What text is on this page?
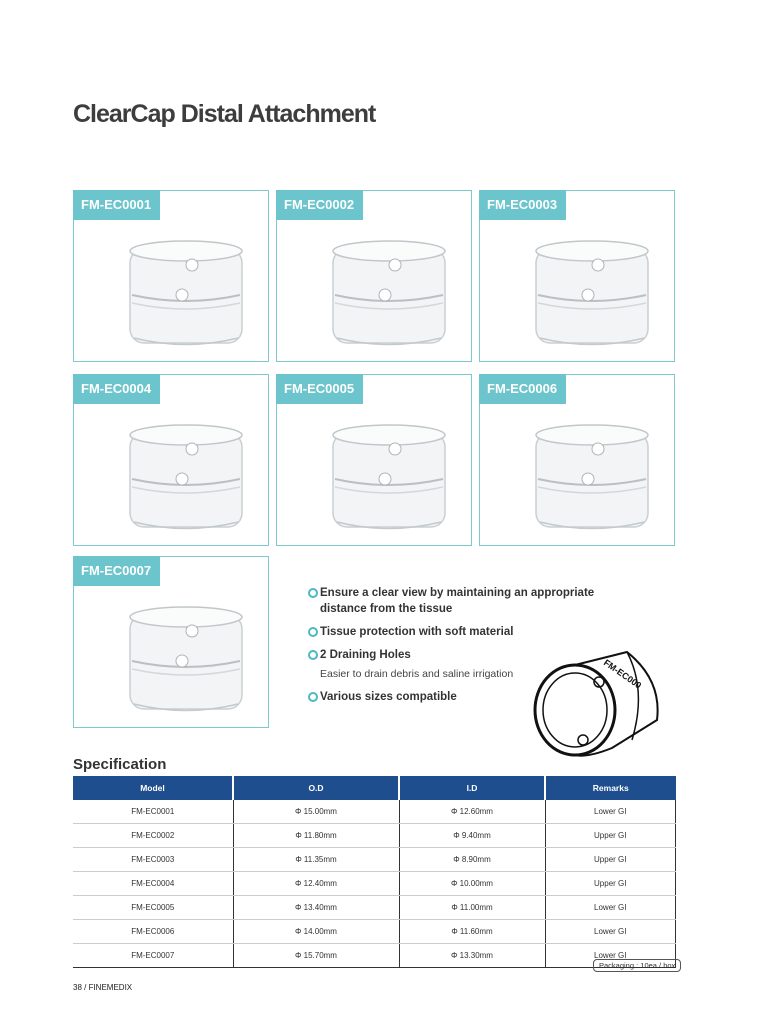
ClearCap Distal Attachment
FM-EC0001	FM-EC0002	FM-EC0003
FM-EC0004	FM-EC0005	FM-EC0006
FM-EC0007
Ensure a clear view by maintaining an appropriate distance from the tissue
Tissue protection with soft material
2 Draining Holes
Easier to drain debris and saline irrigation
Various sizes compatible
FM-EC000
Specification
Model	O.D	I.D	Remarks
FM-EC0001	Φ 15.00mm	Φ 12.60mm	Lower GI
FM-EC0002	Φ 11.80mm	Φ 9.40mm	Upper GI
FM-EC0003	Φ 11.35mm	Φ 8.90mm	Upper GI
FM-EC0004	Φ 12.40mm	Φ 10.00mm	Upper GI
FM-EC0005	Φ 13.40mm	Φ 11.00mm	Lower GI
FM-EC0006	Φ 14.00mm	Φ 11.60mm	Lower GI
FM-EC0007	Φ 15.70mm	Φ 13.30mm	Lower GI
Packaging : 10ea / box
38 / FINEMEDIX
